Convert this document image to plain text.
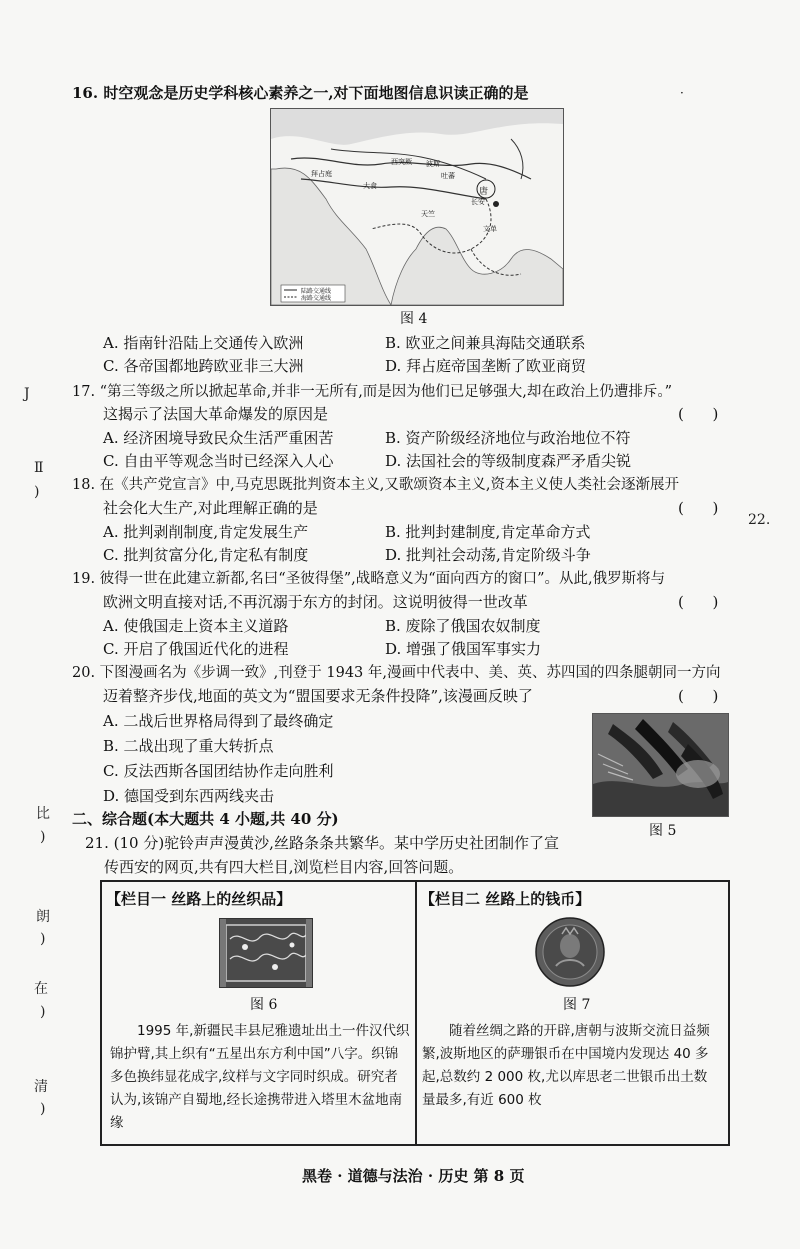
16. 时空观念是历史学科核心素养之一,对下面地图信息识读正确的是	·
西突厥 波斯
大食
唐
长安
天竺
文单
拜占庭	吐蕃
陆路交通线
海路交通线
图 4
A. 指南针沿陆上交通传入欧洲	B. 欧亚之间兼具海陆交通联系
C. 各帝国都地跨欧亚非三大洲	D. 拜占庭帝国垄断了欧亚商贸
17. “第三等级之所以掀起革命,并非一无所有,而是因为他们已足够强大,却在政治上仍遭排斥。”
这揭示了法国大革命爆发的原因是	(      )
A. 经济困境导致民众生活严重困苦	B. 资产阶级经济地位与政治地位不符
C. 自由平等观念当时已经深入人心	D. 法国社会的等级制度森严矛盾尖锐
18. 在《共产党宣言》中,马克思既批判资本主义,又歌颂资本主义,资本主义使人类社会逐渐展开
社会化大生产,对此理解正确的是	(      )
A. 批判剥削制度,肯定发展生产	B. 批判封建制度,肯定革命方式
C. 批判贫富分化,肯定私有制度	D. 批判社会动荡,肯定阶级斗争
19. 彼得一世在此建立新都,名曰“圣彼得堡”,战略意义为“面向西方的窗口”。从此,俄罗斯将与
欧洲文明直接对话,不再沉溺于东方的封闭。这说明彼得一世改革	(      )
A. 使俄国走上资本主义道路	B. 废除了俄国农奴制度
C. 开启了俄国近代化的进程	D. 增强了俄国军事实力
20. 下图漫画名为《步调一致》,刊登于 1943 年,漫画中代表中、美、英、苏四国的四条腿朝同一方向
迈着整齐步伐,地面的英文为“盟国要求无条件投降”,该漫画反映了	(      )
A. 二战后世界格局得到了最终确定
B. 二战出现了重大转折点
C. 反法西斯各国团结协作走向胜利
D. 德国受到东西两线夹击
图 5
二、综合题(本大题共 4 小题,共 40 分)
21. (10 分)驼铃声声漫黄沙,丝路条条共繁华。某中学历史社团制作了宣
传西安的网页,共有四大栏目,浏览栏目内容,回答问题。
【栏目一 丝路上的丝织品】
图 6
1995 年,新疆民丰县尼雅遗址出土一件汉代织锦护臂,其上织有“五星出东方利中国”八字。织锦多色换纬显花成字,纹样与文字同时织成。研究者认为,该锦产自蜀地,经长途携带进入塔里木盆地南缘
【栏目二 丝路上的钱币】
图 7
随着丝绸之路的开辟,唐朝与波斯交流日益频繁,波斯地区的萨珊银币在中国境内发现达 40 多起,总数约 2 000 枚,尤以库思老二世银币出土数量最多,有近 600 枚
黑卷 · 道德与法治 · 历史 第 8 页
J
Ⅱ
)
22.
比
)
朗
)
在
)
清
)
